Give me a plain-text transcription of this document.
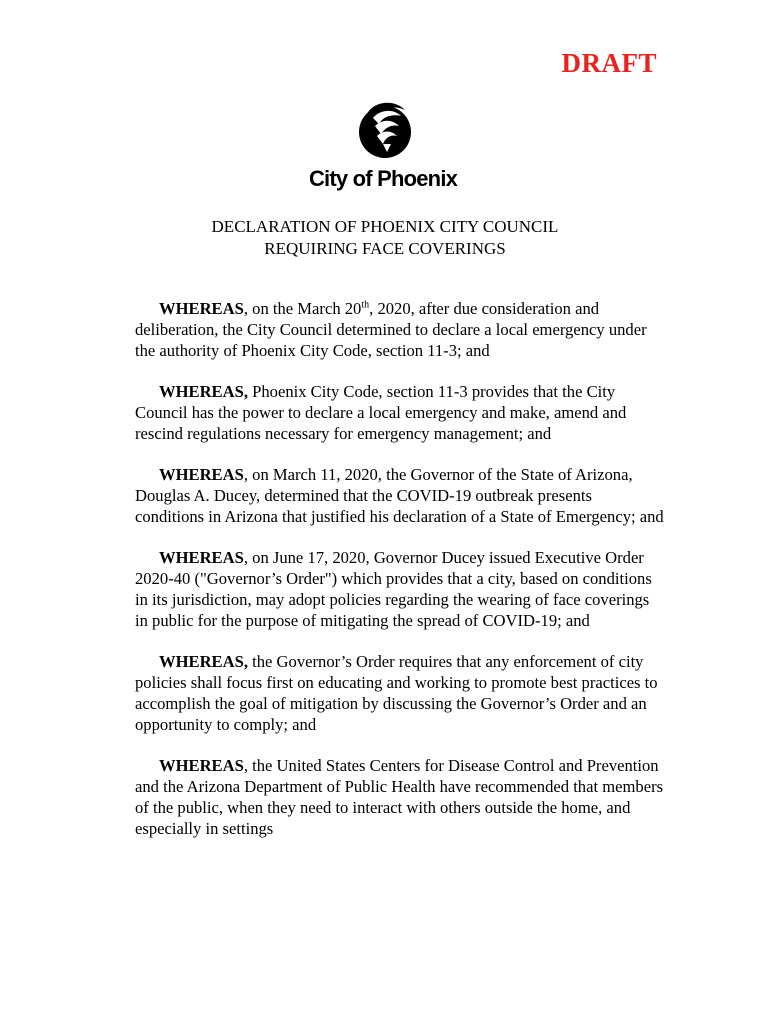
DRAFT
City of Phoenix
DECLARATION OF PHOENIX CITY COUNCIL
REQUIRING FACE COVERINGS

WHEREAS, on the March 20th, 2020, after due consideration and deliberation, the City Council determined to declare a local emergency under the authority of Phoenix City Code, section 11-3; and

WHEREAS, Phoenix City Code, section 11-3 provides that the City Council has the power to declare a local emergency and make, amend and rescind regulations necessary for emergency management; and

WHEREAS, on March 11, 2020, the Governor of the State of Arizona, Douglas A. Ducey, determined that the COVID-19 outbreak presents conditions in Arizona that justified his declaration of a State of Emergency; and

WHEREAS, on June 17, 2020, Governor Ducey issued Executive Order 2020-40 ("Governor’s Order") which provides that a city, based on conditions in its jurisdiction, may adopt policies regarding the wearing of face coverings in public for the purpose of mitigating the spread of COVID-19; and

WHEREAS, the Governor’s Order requires that any enforcement of city policies shall focus first on educating and working to promote best practices to accomplish the goal of mitigation by discussing the Governor’s Order and an opportunity to comply; and

WHEREAS, the United States Centers for Disease Control and Prevention and the Arizona Department of Public Health have recommended that members of the public, when they need to interact with others outside the home, and especially in settings
